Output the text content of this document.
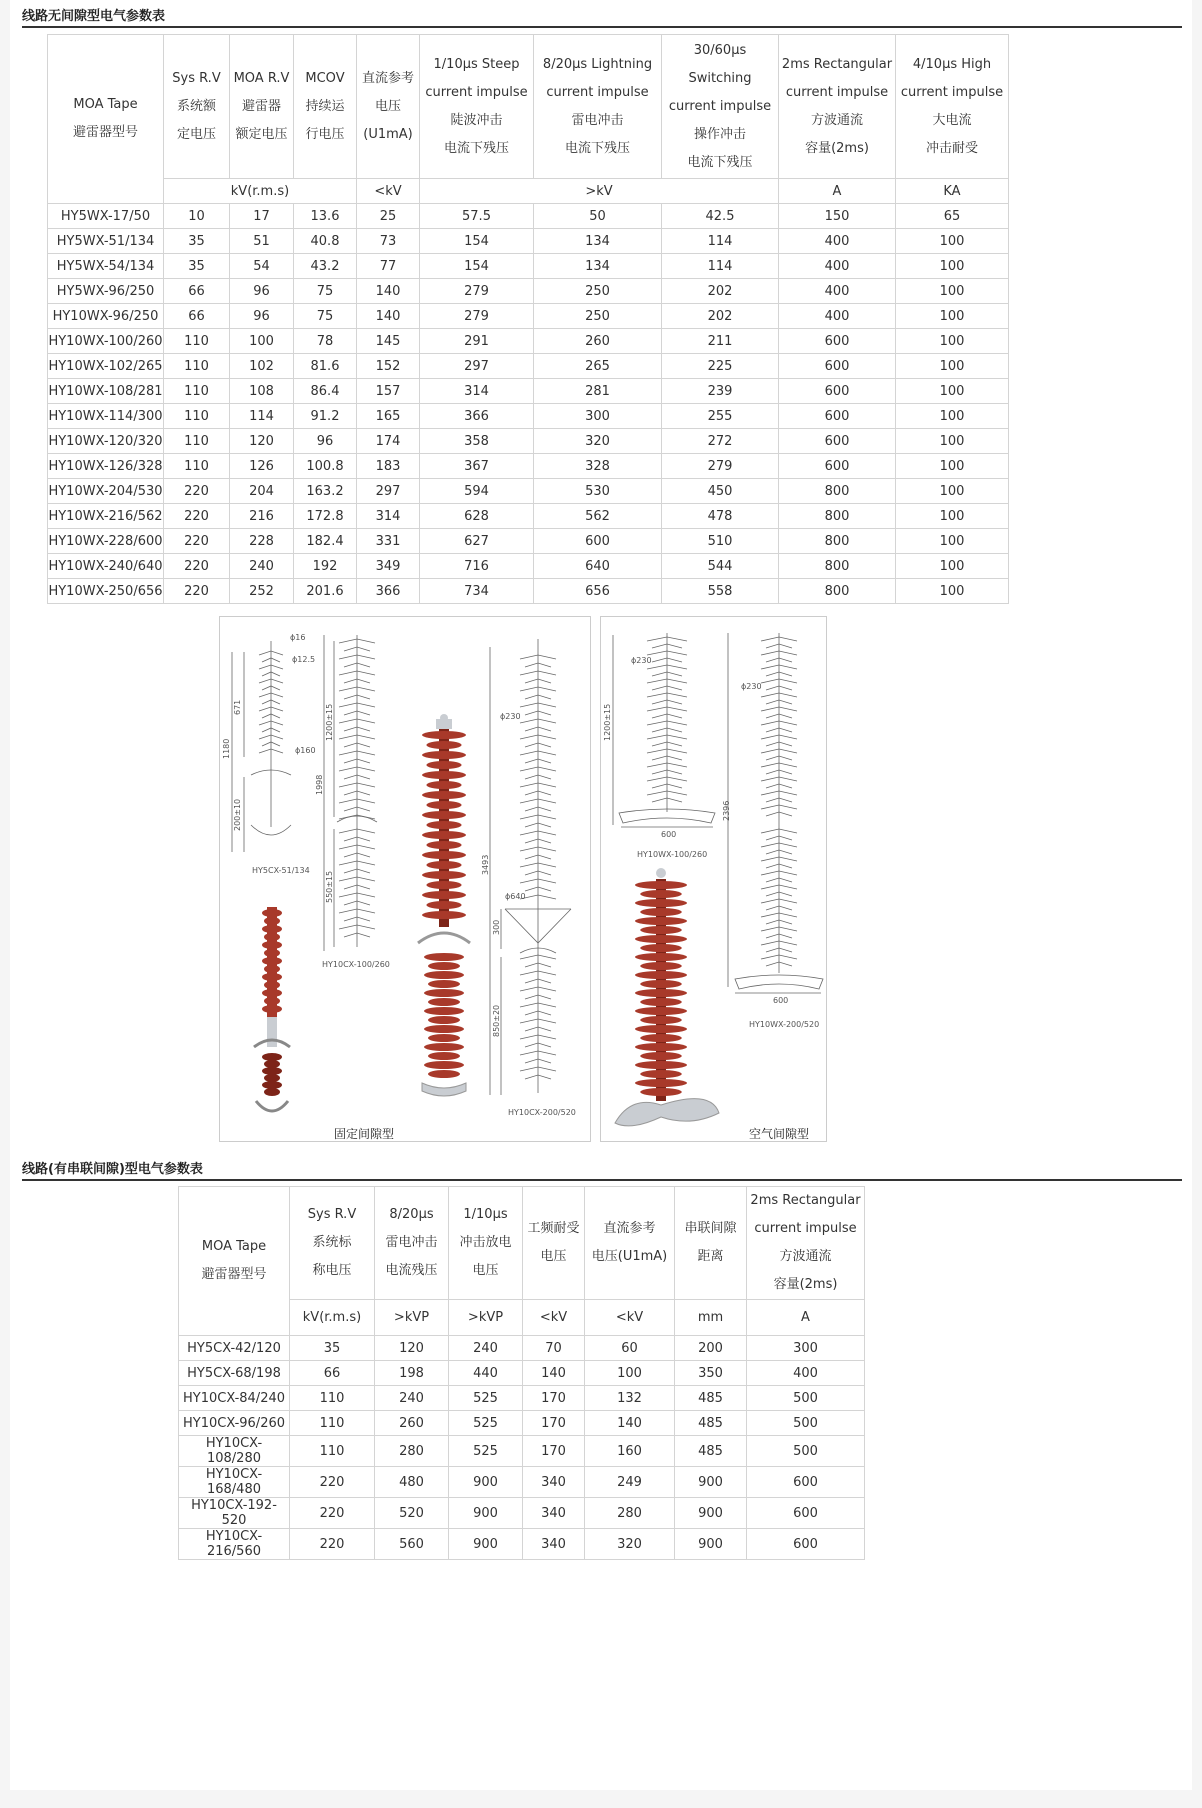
线路无间隙型电气参数表
MOA Tape
避雷器型号	Sys R.V
系统额
定电压	MOA R.V
避雷器
额定电压	MCOV
持续运
行电压	直流参考
电压
(U1mA)	1/10μs Steep
current impulse
陡波冲击
电流下残压	8/20μs Lightning
current impulse
雷电冲击
电流下残压	30/60μs Switching
current impulse
操作冲击
电流下残压	2ms Rectangular
current impulse
方波通流
容量(2ms)	4/10μs High
current impulse
大电流
冲击耐受

	kV(r.m.s)			<kV	>kV			A	KA
HY5WX-17/50	10	17	13.6	25	57.5	50	42.5	150	65
HY5WX-51/134	35	51	40.8	73	154	134	114	400	100
HY5WX-54/134	35	54	43.2	77	154	134	114	400	100
HY5WX-96/250	66	96	75	140	279	250	202	400	100
HY10WX-96/250	66	96	75	140	279	250	202	400	100
HY10WX-100/260	110	100	78	145	291	260	211	600	100
HY10WX-102/265	110	102	81.6	152	297	265	225	600	100
HY10WX-108/281	110	108	86.4	157	314	281	239	600	100
HY10WX-114/300	110	114	91.2	165	366	300	255	600	100
HY10WX-120/320	110	120	96	174	358	320	272	600	100
HY10WX-126/328	110	126	100.8	183	367	328	279	600	100
HY10WX-204/530	220	204	163.2	297	594	530	450	800	100
HY10WX-216/562	220	216	172.8	314	628	562	478	800	100
HY10WX-228/600	220	228	182.4	331	627	600	510	800	100
HY10WX-240/640	220	240	192	349	716	640	544	800	100
HY10WX-250/656	220	252	201.6	366	734	656	558	800	100
ϕ16
ϕ12.5
ϕ160
671
1180
200±10
HY5CX-51/134
1200±15
1998
550±15
HY10CX-100/260
ϕ230
ϕ640
3493
300
850±20
HY10CX-200/520
固定间隙型
ϕ230
1200±15
600
HY10WX-100/260
ϕ230
2396
600
HY10WX-200/520
空气间隙型
线路(有串联间隙)型电气参数表
MOA Tape
避雷器型号	Sys R.V
系统标
称电压	8/20μs
雷电冲击
电流残压	1/10μs
冲击放电
电压	工频耐受
电压	直流参考
电压(U1mA)	串联间隙
距离	2ms Rectangular
current impulse
方波通流
容量(2ms)

	kV(r.m.s)	>kVP	>kVP	<kV	<kV	mm	A
HY5CX-42/120	35	120	240	70	60	200	300
HY5CX-68/198	66	198	440	140	100	350	400
HY10CX-84/240	110	240	525	170	132	485	500
HY10CX-96/260	110	260	525	170	140	485	500
HY10CX-108/280	110	280	525	170	160	485	500
HY10CX-168/480	220	480	900	340	249	900	600
HY10CX-192-520	220	520	900	340	280	900	600
HY10CX-216/560	220	560	900	340	320	900	600
